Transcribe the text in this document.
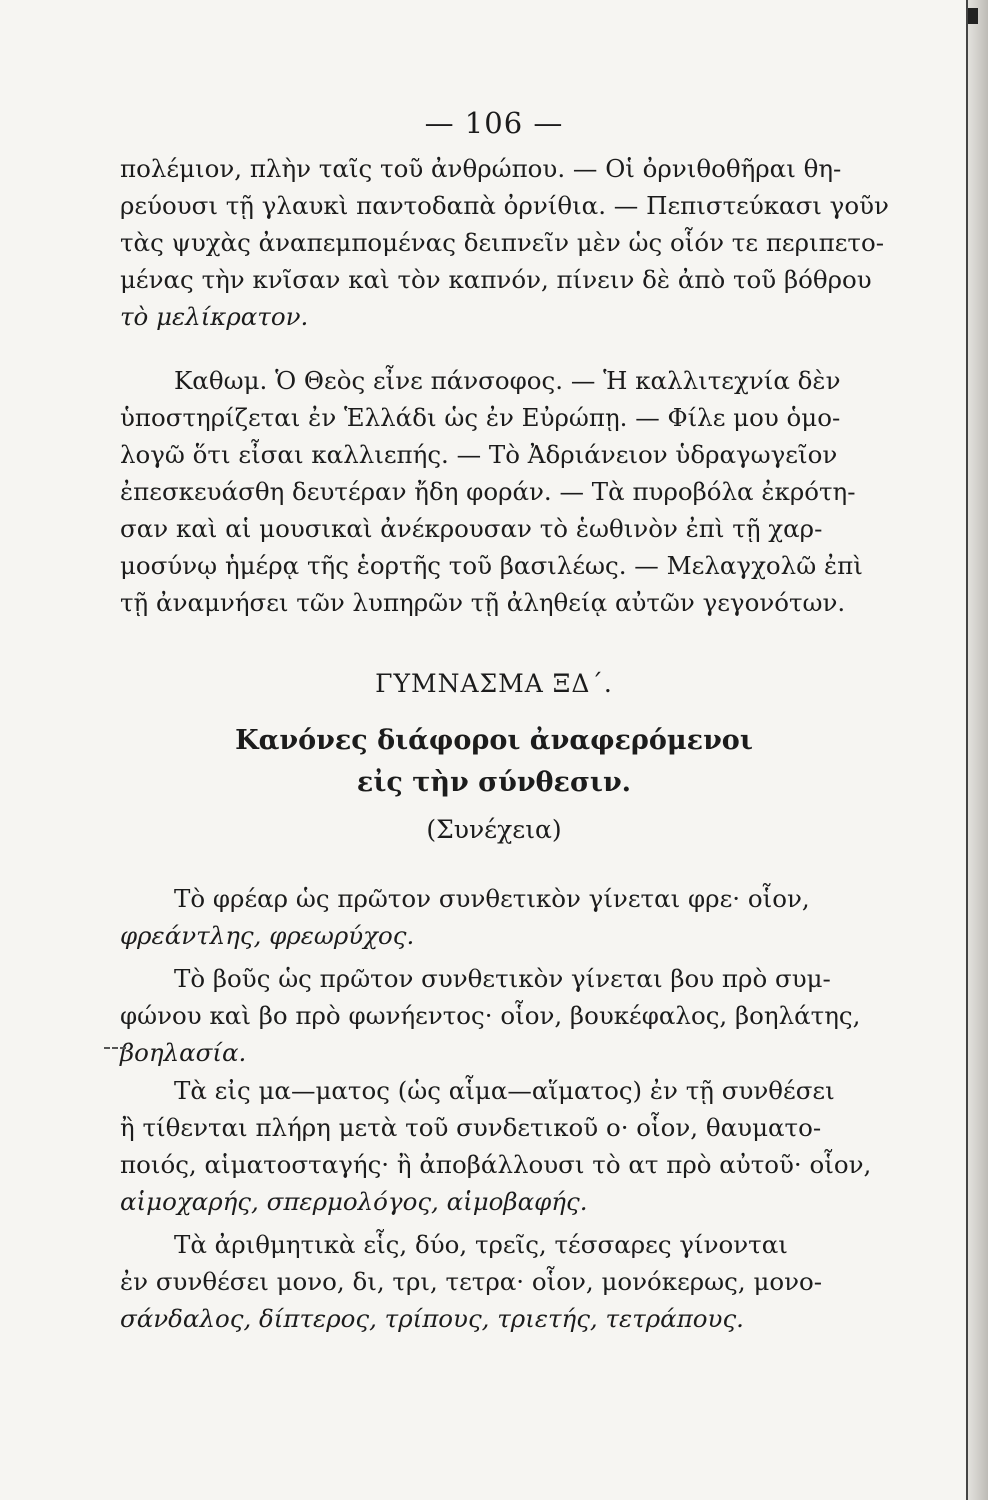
— 106 —
πολέμιον, πλὴν ταῖς τοῦ ἀνθρώπου. — Οἱ ὀρνιθοθῆραι θη-
ρεύουσι τῇ γλαυκὶ παντοδαπὰ ὀρνίθια. — Πεπιστεύκασι γοῦν
τὰς ψυχὰς ἀναπεμπομένας δειπνεῖν μὲν ὡς οἷόν τε περιπετο-
μένας τὴν κνῖσαν καὶ τὸν καπνόν, πίνειν δὲ ἀπὸ τοῦ βόθρου
τὸ μελίκρατον.
Καθωμ. Ὁ Θεὸς εἶνε πάνσοφος. — Ἡ καλλιτεχνία δὲν
ὑποστηρίζεται ἐν Ἑλλάδι ὡς ἐν Εὐρώπῃ. — Φίλε μου ὁμο-
λογῶ ὅτι εἶσαι καλλιεπής. — Τὸ Ἀδριάνειον ὑδραγωγεῖον
ἐπεσκευάσθη δευτέραν ἤδη φοράν. — Τὰ πυροβόλα ἐκρότη-
σαν καὶ αἱ μουσικαὶ ἀνέκρουσαν τὸ ἑωθινὸν ἐπὶ τῇ χαρ-
μοσύνῳ ἡμέρᾳ τῆς ἑορτῆς τοῦ βασιλέως. — Μελαγχολῶ ἐπὶ
τῇ ἀναμνήσει τῶν λυπηρῶν τῇ ἀληθείᾳ αὐτῶν γεγονότων.
ΓΥΜΝΑΣΜΑ ΞΔ΄.
Κανόνες διάφοροι ἀναφερόμενοι
εἰς τὴν σύνθεσιν.
(Συνέχεια)
Τὸ φρέαρ ὡς πρῶτον συνθετικὸν γίνεται φρε· οἷον,
φρεάντλης, φρεωρύχος.
Τὸ βοῦς ὡς πρῶτον συνθετικὸν γίνεται βου πρὸ συμ-
φώνου καὶ βο πρὸ φωνήεντος· οἷον, βουκέφαλος, βοηλάτης,
βοηλασία.
Τὰ εἰς μα—ματος (ὡς αἷμα—αἵματος) ἐν τῇ συνθέσει
ἢ τίθενται πλήρη μετὰ τοῦ συνδετικοῦ ο· οἷον, θαυματο-
ποιός, αἱματοσταγής· ἢ ἀποβάλλουσι τὸ ατ πρὸ αὐτοῦ· οἷον,
αἱμοχαρής, σπερμολόγος, αἱμοβαφής.
Τὰ ἀριθμητικὰ εἷς, δύο, τρεῖς, τέσσαρες γίνονται
ἐν συνθέσει μονο, δι, τρι, τετρα· οἷον, μονόκερως, μονο-
σάνδαλος, δίπτερος, τρίπους, τριετής, τετράπους.
